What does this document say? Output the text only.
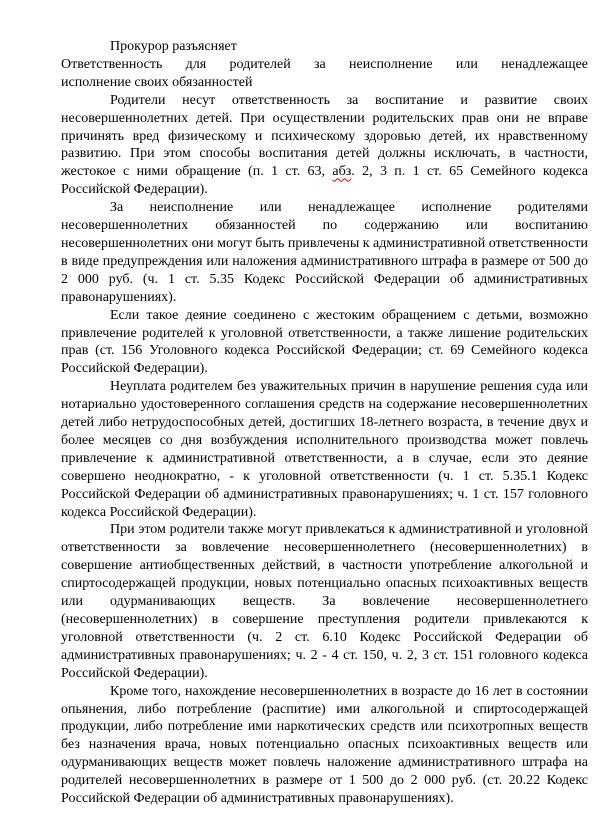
Прокурор разъясняет

Ответственность для родителей за неисполнение или ненадлежащее

исполнение своих обязанностей

Родители несут ответственность за воспитание и развитие своих несовершеннолетних детей. При осуществлении родительских прав они не вправе причинять вред физическому и психическому здоровью детей, их нравственному развитию. При этом способы воспитания детей должны исключать, в частности, жестокое с ними обращение (п. 1 ст. 63, абз. 2, 3 п. 1 ст. 65 Семейного кодекса Российской Федерации).

За неисполнение или ненадлежащее исполнение родителями несовершеннолетних обязанностей по содержанию или воспитанию несовершеннолетних они могут быть привлечены к административной ответственности в виде предупреждения или наложения административного штрафа в размере от 500 до 2 000 руб. (ч. 1 ст. 5.35 Кодекс Российской Федерации об административных правонарушениях).

Если такое деяние соединено с жестоким обращением с детьми, возможно привлечение родителей к уголовной ответственности, а также лишение родительских прав (ст. 156 Уголовного кодекса Российской Федерации; ст. 69 Семейного кодекса Российской Федерации).

Неуплата родителем без уважительных причин в нарушение решения суда или нотариально удостоверенного соглашения средств на содержание несовершеннолетних детей либо нетрудоспособных детей, достигших 18-летнего возраста, в течение двух и более месяцев со дня возбуждения исполнительного производства может повлечь привлечение к административной ответственности, а в случае, если это деяние совершено неоднократно, - к уголовной ответственности (ч. 1 ст. 5.35.1 Кодекс Российской Федерации об административных правонарушениях; ч. 1 ст. 157 головного кодекса Российской Федерации).

При этом родители также могут привлекаться к административной и уголовной ответственности за вовлечение несовершеннолетнего (несовершеннолетних) в совершение антиобщественных действий, в частности употребление алкогольной и спиртосодержащей продукции, новых потенциально опасных психоактивных веществ или одурманивающих веществ. За вовлечение несовершеннолетнего (несовершеннолетних) в совершение преступления родители привлекаются к уголовной ответственности (ч. 2 ст. 6.10 Кодекс Российской Федерации об административных правонарушениях; ч. 2 - 4 ст. 150, ч. 2, 3 ст. 151 головного кодекса Российской Федерации).

Кроме того, нахождение несовершеннолетних в возрасте до 16 лет в состоянии опьянения, либо потребление (распитие) ими алкогольной и спиртосодержащей продукции, либо потребление ими наркотических средств или психотропных веществ без назначения врача, новых потенциально опасных психоактивных веществ или одурманивающих веществ может повлечь наложение административного штрафа на родителей несовершеннолетних в размере от 1 500 до 2 000 руб. (ст. 20.22 Кодекс Российской Федерации об административных правонарушениях).
